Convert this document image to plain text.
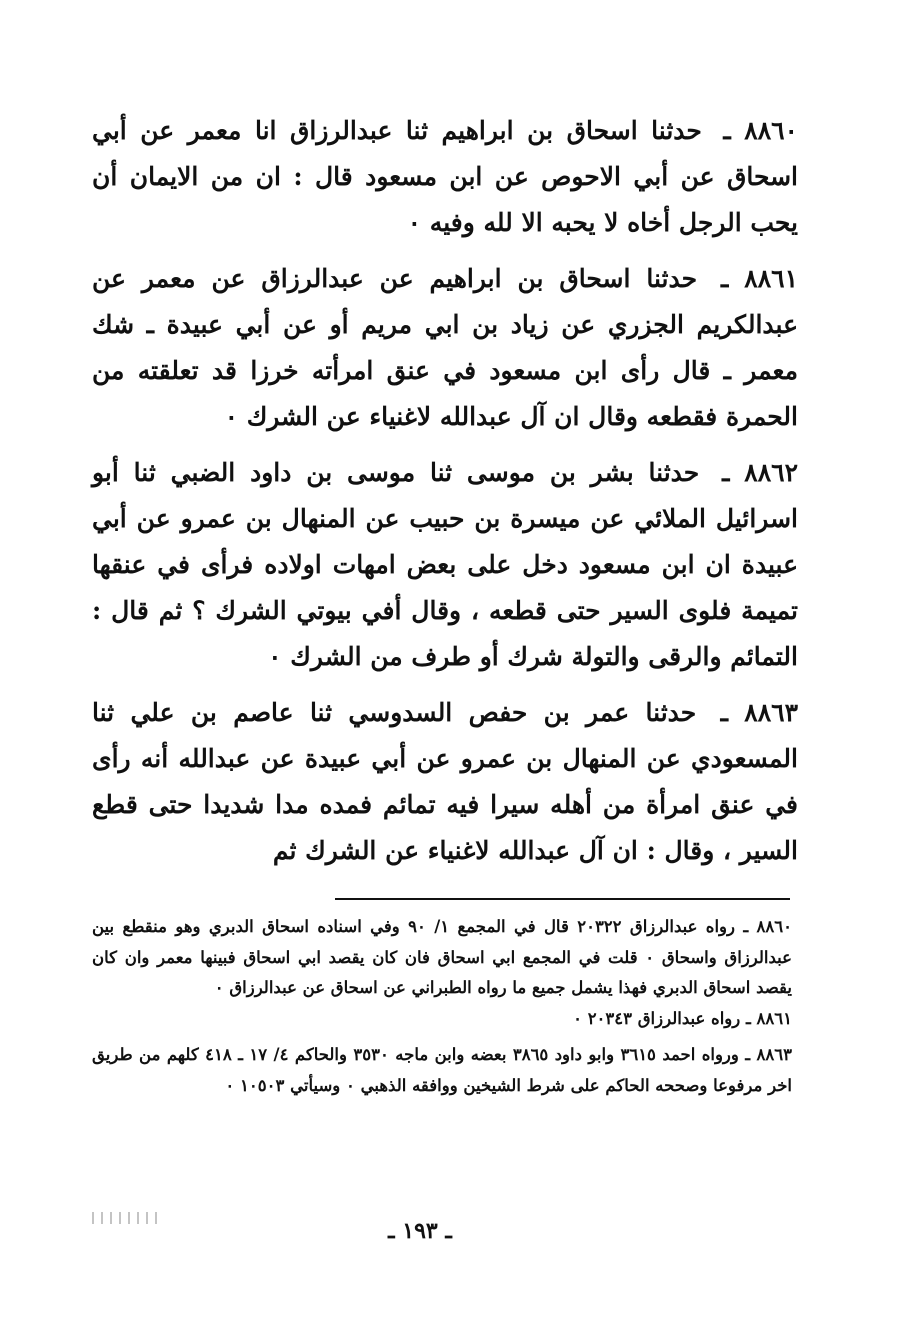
٨٨٦٠ ـ حدثنا اسحاق بن ابراهيم ثنا عبدالرزاق انا معمر عن أبي اسحاق عن أبي الاحوص عن ابن مسعود قال : ان من الايمان أن يحب الرجل أخاه لا يحبه الا لله وفيه ٠

٨٨٦١ ـ حدثنا اسحاق بن ابراهيم عن عبدالرزاق عن معمر عن عبدالكريم الجزري عن زياد بن ابي مريم أو عن أبي عبيدة ـ شك معمر ـ قال رأى ابن مسعود في عنق امرأته خرزا قد تعلقته من الحمرة فقطعه وقال ان آل عبدالله لاغنياء عن الشرك ٠

٨٨٦٢ ـ حدثنا بشر بن موسى ثنا موسى بن داود الضبي ثنا أبو اسرائيل الملائي عن ميسرة بن حبيب عن المنهال بن عمرو عن أبي عبيدة ان ابن مسعود دخل على بعض امهات اولاده فرأى في عنقها تميمة فلوى السير حتى قطعه ، وقال أفي بيوتي الشرك ؟ ثم قال : التمائم والرقى والتولة شرك أو طرف من الشرك ٠

٨٨٦٣ ـ حدثنا عمر بن حفص السدوسي ثنا عاصم بن علي ثنا المسعودي عن المنهال بن عمرو عن أبي عبيدة عن عبدالله أنه رأى في عنق امرأة من أهله سيرا فيه تمائم فمده مدا شديدا حتى قطع السير ، وقال : ان آل عبدالله لاغنياء عن الشرك ثم

٨٨٦٠ ـ رواه عبدالرزاق ٢٠٣٢٢ قال في المجمع ١/ ٩٠ وفي اسناده اسحاق الدبري وهو منقطع بين عبدالرزاق واسحاق ٠ قلت في المجمع ابي اسحاق فان كان يقصد ابي اسحاق فبينها معمر وان كان يقصد اسحاق الدبري فهذا يشمل جميع ما رواه الطبراني عن اسحاق عن عبدالرزاق ٠

٨٨٦١ ـ رواه عبدالرزاق ٢٠٣٤٣ ٠

٨٨٦٣ ـ ورواه احمد ٣٦١٥ وابو داود ٣٨٦٥ بعضه وابن ماجه ٣٥٣٠ والحاكم ٤/ ١٧ ـ ٤١٨ كلهم من طريق اخر مرفوعا وصححه الحاكم على شرط الشيخين ووافقه الذهبي ٠ وسيأتي ١٠٥٠٣ ٠

ـ ١٩٣ ـ
